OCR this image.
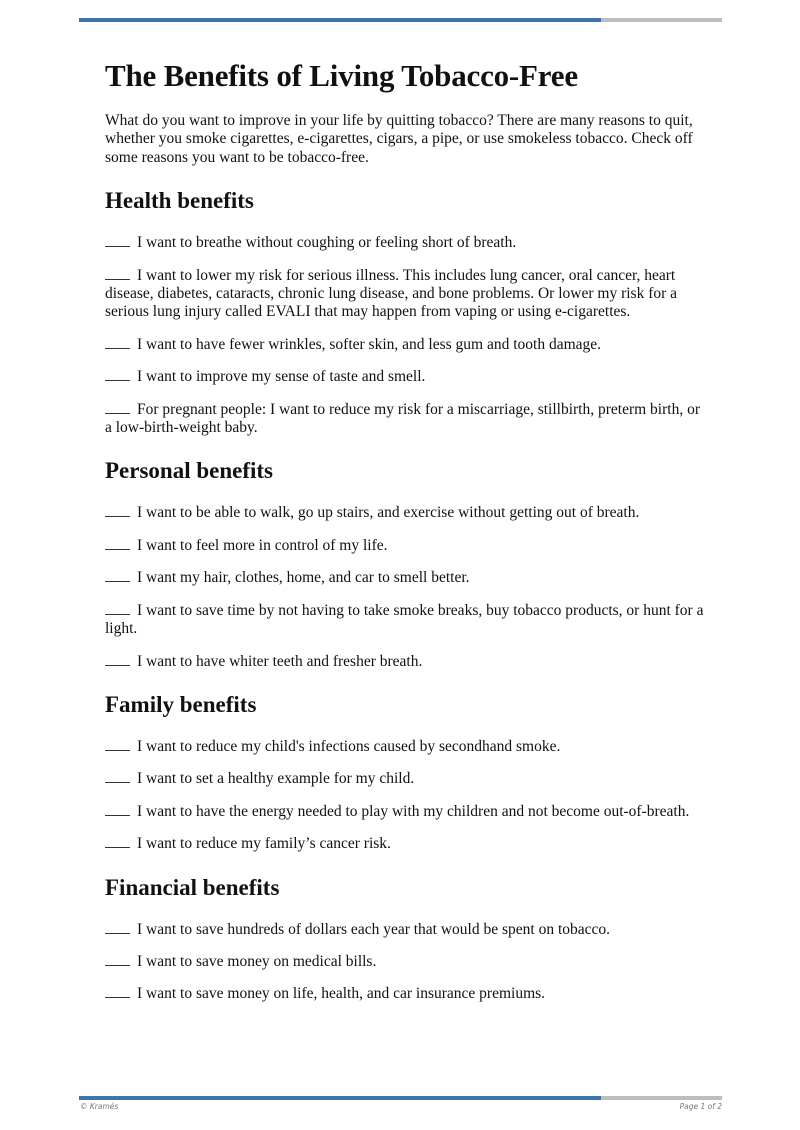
The Benefits of Living Tobacco-Free

What do you want to improve in your life by quitting tobacco? There are many reasons to quit, whether you smoke cigarettes, e-cigarettes, cigars, a pipe, or use smokeless tobacco. Check off some reasons you want to be tobacco-free.

Health benefits

I want to breathe without coughing or feeling short of breath.

I want to lower my risk for serious illness. This includes lung cancer, oral cancer, heart disease, diabetes, cataracts, chronic lung disease, and bone problems. Or lower my risk for a serious lung injury called EVALI that may happen from vaping or using e-cigarettes.

I want to have fewer wrinkles, softer skin, and less gum and tooth damage.

I want to improve my sense of taste and smell.

For pregnant people: I want to reduce my risk for a miscarriage, stillbirth, preterm birth, or a low-birth-weight baby.

Personal benefits

I want to be able to walk, go up stairs, and exercise without getting out of breath.

I want to feel more in control of my life.

I want my hair, clothes, home, and car to smell better.

I want to save time by not having to take smoke breaks, buy tobacco products, or hunt for a light.

I want to have whiter teeth and fresher breath.

Family benefits

I want to reduce my child's infections caused by secondhand smoke.

I want to set a healthy example for my child.

I want to have the energy needed to play with my children and not become out-of-breath.

I want to reduce my family’s cancer risk.

Financial benefits

I want to save hundreds of dollars each year that would be spent on tobacco.

I want to save money on medical bills.

I want to save money on life, health, and car insurance premiums.

© Kramés	Page 1 of 2
